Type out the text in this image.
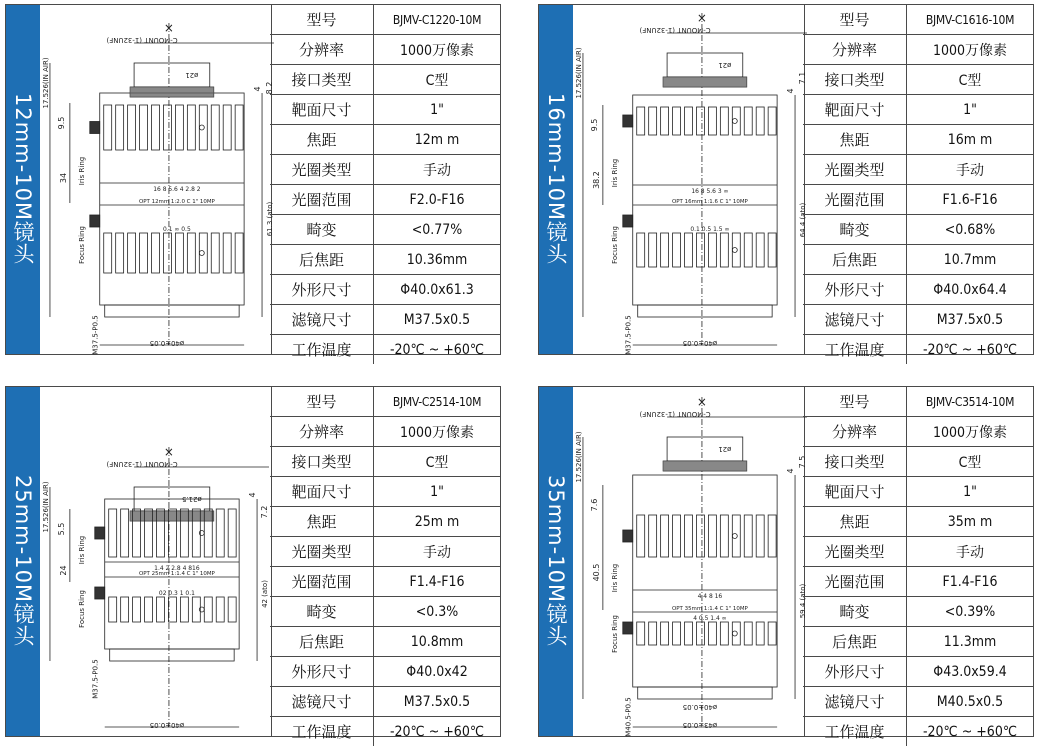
12mm-10M镜头
×
C-MOUNT (1-32UNF)
17.526(IN AIR)	ø21
9.5
34
8.2
4
61.3 (ato)
Iris Ring
Focus Ring
16 8 5.6 4 2.8 2
OPT 12mm 1:2.0 C 1" 10MP
0.1 ∞ 0.5
M37.5-P0.5	ø40±0.05
型号	BJMV-C1220-10M
分辨率	1000万像素
接口类型	C型
靶面尺寸	1"
焦距	12m m
光圈类型	手动
光圈范围	F2.0-F16
畸变	<0.77%
后焦距	10.36mm
外形尺寸	Φ40.0x61.3
滤镜尺寸	M37.5x0.5
工作温度	-20℃ ~ +60℃
16mm-10M镜头
×
C-MOUNT (1-32UNF)
17.526(IN AIR)	ø21
9.5
38.2
7.1
4
64.4 (ato)
Iris Ring
Focus Ring
16 8 5.6 3 ∞
OPT 16mm 1:1.6 C 1" 10MP
0.1 0.5 1.5 ∞
M37.5-P0.5	ø40±0.05
型号	BJMV-C1616-10M
分辨率	1000万像素
接口类型	C型
靶面尺寸	1"
焦距	16m m
光圈类型	手动
光圈范围	F1.6-F16
畸变	<0.68%
后焦距	10.7mm
外形尺寸	Φ40.0x64.4
滤镜尺寸	M37.5x0.5
工作温度	-20℃ ~ +60℃
25mm-10M镜头
×
C-MOUNT (1-32UNF)
17.526(IN AIR)	ø21.5
5.5
24
7.2
4
42 (ato)
Iris Ring
Focus Ring
1.4 2 2.8 4 816
OPT 25mm 1:1.4 C 1" 10MP
02 0.3 1 0.1
M37.5-P0.5
ø40±0.05
型号	BJMV-C2514-10M
分辨率	1000万像素
接口类型	C型
靶面尺寸	1"
焦距	25m m
光圈类型	手动
光圈范围	F1.4-F16
畸变	<0.3%
后焦距	10.8mm
外形尺寸	Φ40.0x42
滤镜尺寸	M37.5x0.5
工作温度	-20℃ ~ +60℃
35mm-10M镜头
×
C-MOUNT (1-32UNF)
17.526(IN AIR)	ø21
7.6
40.5
7.5
4
59.4 (ato)
Iris Ring
Focus Ring
4 4 8 16
OPT 35mm 1:1.4 C 1" 10MP
4 0.5 1.4 ∞
M40.5-P0.5	ø43±0.05
ø40±0.05
型号	BJMV-C3514-10M
分辨率	1000万像素
接口类型	C型
靶面尺寸	1"
焦距	35m m
光圈类型	手动
光圈范围	F1.4-F16
畸变	<0.39%
后焦距	11.3mm
外形尺寸	Φ43.0x59.4
滤镜尺寸	M40.5x0.5
工作温度	-20℃ ~ +60℃
